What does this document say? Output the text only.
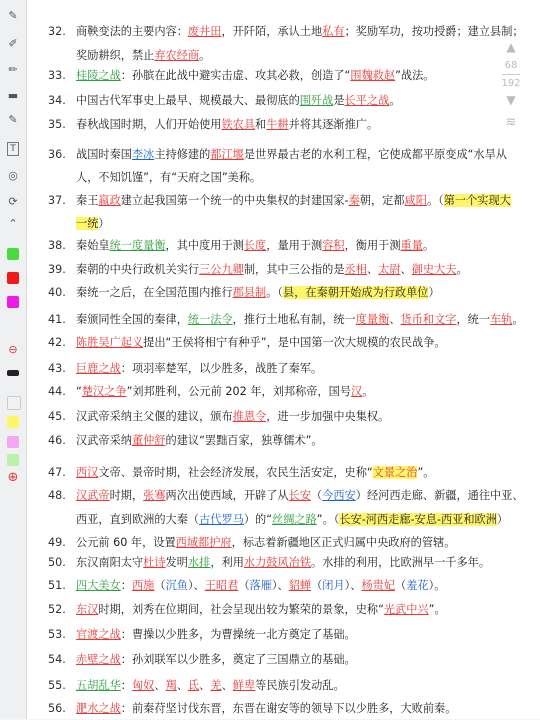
✎
✐
✏
▬
✎
T
◎
⟳
⌃
⊖
⊕
▲
68
192
▼
≋
32. 商鞅变法的主要内容：废井田，开阡陌，承认土地私有；奖励军功，按功授爵；建立县制；
奖励耕织，禁止弃农经商。
33. 桂陵之战：孙膑在此战中避实击虚、攻其必救，创造了“围魏救赵”战法。
34. 中国古代军事史上最早、规模最大、最彻底的围歼战是长平之战。
35. 春秋战国时期，人们开始使用铁农具和牛耕并将其逐渐推广。
36. 战国时秦国李冰主持修建的都江堰是世界最古老的水利工程，它使成都平原变成“水旱从
人，不知饥馑”，有“天府之国”美称。
37. 秦王嬴政建立起我国第一个统一的中央集权的封建国家-秦朝，定都咸阳。（第一个实现大
一统）
38. 秦始皇统一度量衡，其中度用于测长度，量用于测容积，衡用于测重量。
39. 秦朝的中央行政机关实行三公九卿制，其中三公指的是丞相、太尉、御史大夫。
40. 秦统一之后，在全国范围内推行郡县制。（县，在秦朝开始成为行政单位）
41. 秦颁同性全国的秦律，统一法令，推行土地私有制，统一度量衡、货币和文字，统一车轨。
42. 陈胜吴广起义提出“王侯将相宁有种乎”，是中国第一次大规模的农民战争。
43. 巨鹿之战：项羽率楚军，以少胜多，战胜了秦军。
44. “楚汉之争”刘邦胜利，公元前 202 年，刘邦称帝，国号汉。
45. 汉武帝采纳主父偃的建议，颁布推恩令，进一步加强中央集权。
46. 汉武帝采纳董仲舒的建议“罢黜百家，独尊儒术”。
47. 西汉文帝、景帝时期，社会经济发展，农民生活安定，史称“文景之治”。
48. 汉武帝时期，张骞两次出使西域，开辟了从长安（今西安）经河西走廊、新疆，通往中亚、
西亚，直到欧洲的大秦（古代罗马）的“丝绸之路”。（长安-河西走廊-安息-西亚和欧洲）
49. 公元前 60 年，设置西域都护府，标志着新疆地区正式归属中央政府的管辖。
50. 东汉南阳太守杜诗发明水排，利用水力鼓风冶铁。水排的利用，比欧洲早一千多年。
51. 四大美女：西施（沉鱼）、王昭君（落雁）、貂蝉（闭月）、杨贵妃（羞花）。
52. 东汉时期，刘秀在位期间，社会呈现出较为繁荣的景象，史称“光武中兴”。
53. 官渡之战：曹操以少胜多，为曹操统一北方奠定了基础。
54. 赤壁之战：孙刘联军以少胜多，奠定了三国鼎立的基础。
55. 五胡乱华：匈奴、羯、氐、羌、鲜卑等民族引发动乱。
56. 淝水之战：前秦苻坚讨伐东晋，东晋在谢安等的领导下以少胜多，大败前秦。
